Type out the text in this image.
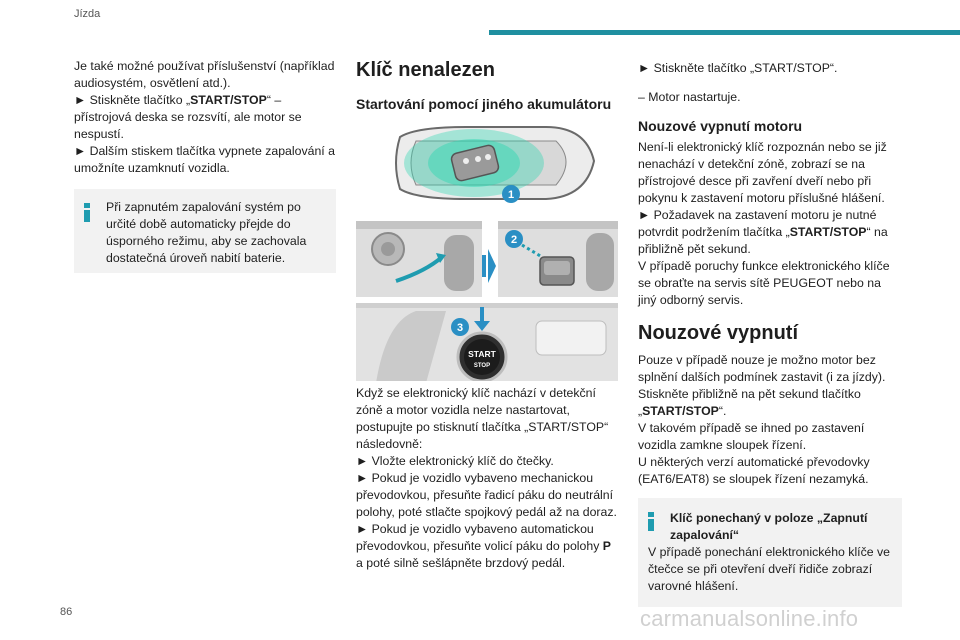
Jízda

Je také možné používat příslušenství (například audiosystém, osvětlení atd.).

► Stiskněte tlačítko „START/STOP“ – přístrojová deska se rozsvítí, ale motor se nespustí.

► Dalším stiskem tlačítka vypnete zapalování a umožníte uzamknutí vozidla.

Při zapnutém zapalování systém po určité době automaticky přejde do úsporného režimu, aby se zachovala dostatečná úroveň nabití baterie.
Klíč nenalezen
Startování pomocí jiného akumulátoru
1
2
START
STOP
3

Když se elektronický klíč nachází v detekční zóně a motor vozidla nelze nastartovat, postupujte po stisknutí tlačítka „START/STOP“ následovně:

► Vložte elektronický klíč do čtečky.

► Pokud je vozidlo vybaveno mechanickou převodovkou, přesuňte řadicí páku do neutrální polohy, poté stlačte spojkový pedál až na doraz.

► Pokud je vozidlo vybaveno automatickou převodovkou, přesuňte volicí páku do polohy P a poté silně sešlápněte brzdový pedál.

► Stiskněte tlačítko „START/STOP“.

– Motor nastartuje.

Nouzové vypnutí motoru

Není-li elektronický klíč rozpoznán nebo se již nenachází v detekční zóně, zobrazí se na přístrojové desce při zavření dveří nebo při pokynu k zastavení motoru příslušné hlášení.

► Požadavek na zastavení motoru je nutné potvrdit podržením tlačítka „START/STOP“ na přibližně pět sekund.

V případě poruchy funkce elektronického klíče se obraťte na servis sítě PEUGEOT nebo na jiný odborný servis.

Nouzové vypnutí

Pouze v případě nouze je možno motor bez splnění dalších podmínek zastavit (i za jízdy). Stiskněte přibližně na pět sekund tlačítko „START/STOP“.

V takovém případě se ihned po zastavení vozidla zamkne sloupek řízení.

U některých verzí automatické převodovky (EAT6/EAT8) se sloupek řízení nezamyká.

Klíč ponechaný v poloze „Zapnutí zapalování“
V případě ponechání elektronického klíče ve čtečce se při otevření dveří řidiče zobrazí varovné hlášení.
86	carmanualsonline.info
